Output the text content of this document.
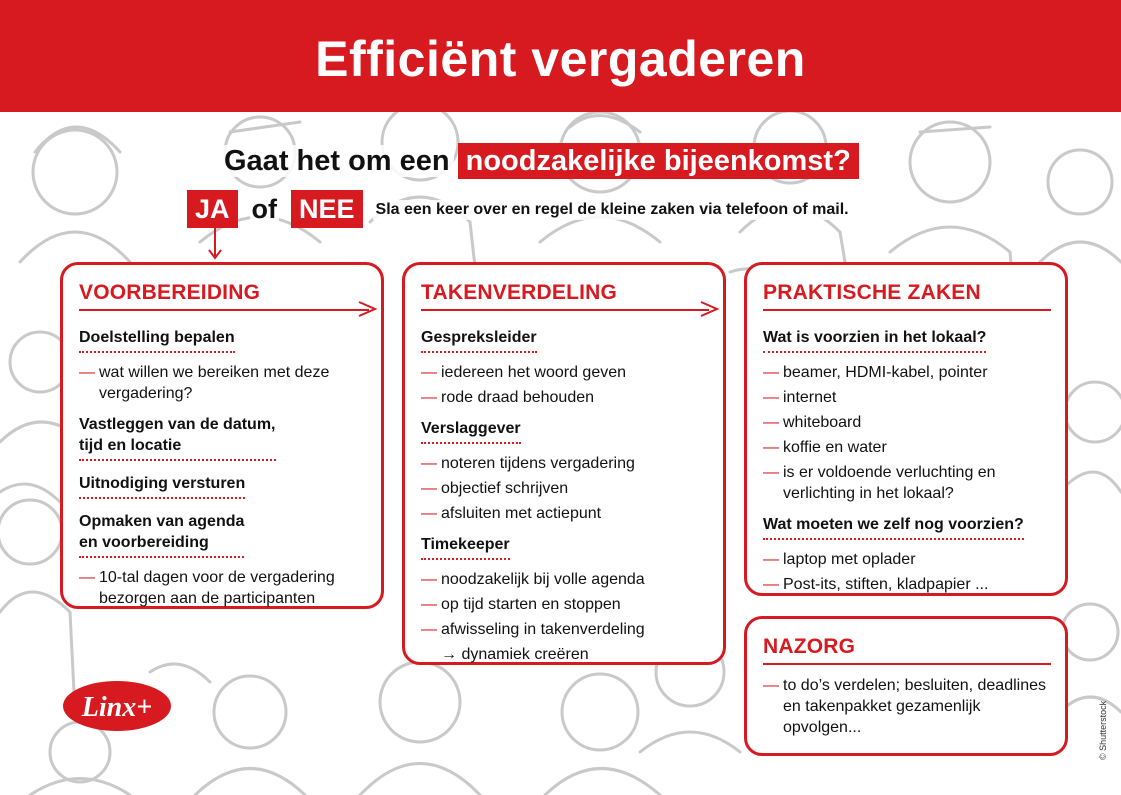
Efficiënt vergaderen
Gaat het om een noodzakelijke bijeenkomst?
JA of NEE Sla een keer over en regel de kleine zaken via telefoon of mail.
VOORBEREIDING
Doelstelling bepalen
— wat willen we bereiken met deze
vergadering?
Vastleggen van de datum,
tijd en locatie
Uitnodiging versturen
Opmaken van agenda
en voorbereiding
— 10-tal dagen voor de vergadering
bezorgen aan de participanten
TAKENVERDELING
Gespreksleider
— iedereen het woord geven
— rode draad behouden
Verslaggever
— noteren tijdens vergadering
— objectief schrijven
— afsluiten met actiepunt
Timekeeper
— noodzakelijk bij volle agenda
— op tijd starten en stoppen
— afwisseling in takenverdeling
→ dynamiek creëren
PRAKTISCHE ZAKEN
Wat is voorzien in het lokaal?
— beamer, HDMI-kabel, pointer
— internet
— whiteboard
— koffie en water
— is er voldoende verluchting en
verlichting in het lokaal?
Wat moeten we zelf nog voorzien?
— laptop met oplader
— Post-its, stiften, kladpapier ...
NAZORG
— to do’s verdelen; besluiten, deadlines
en takenpakket gezamenlijk
opvolgen...
Linx+	© Shutterstock
